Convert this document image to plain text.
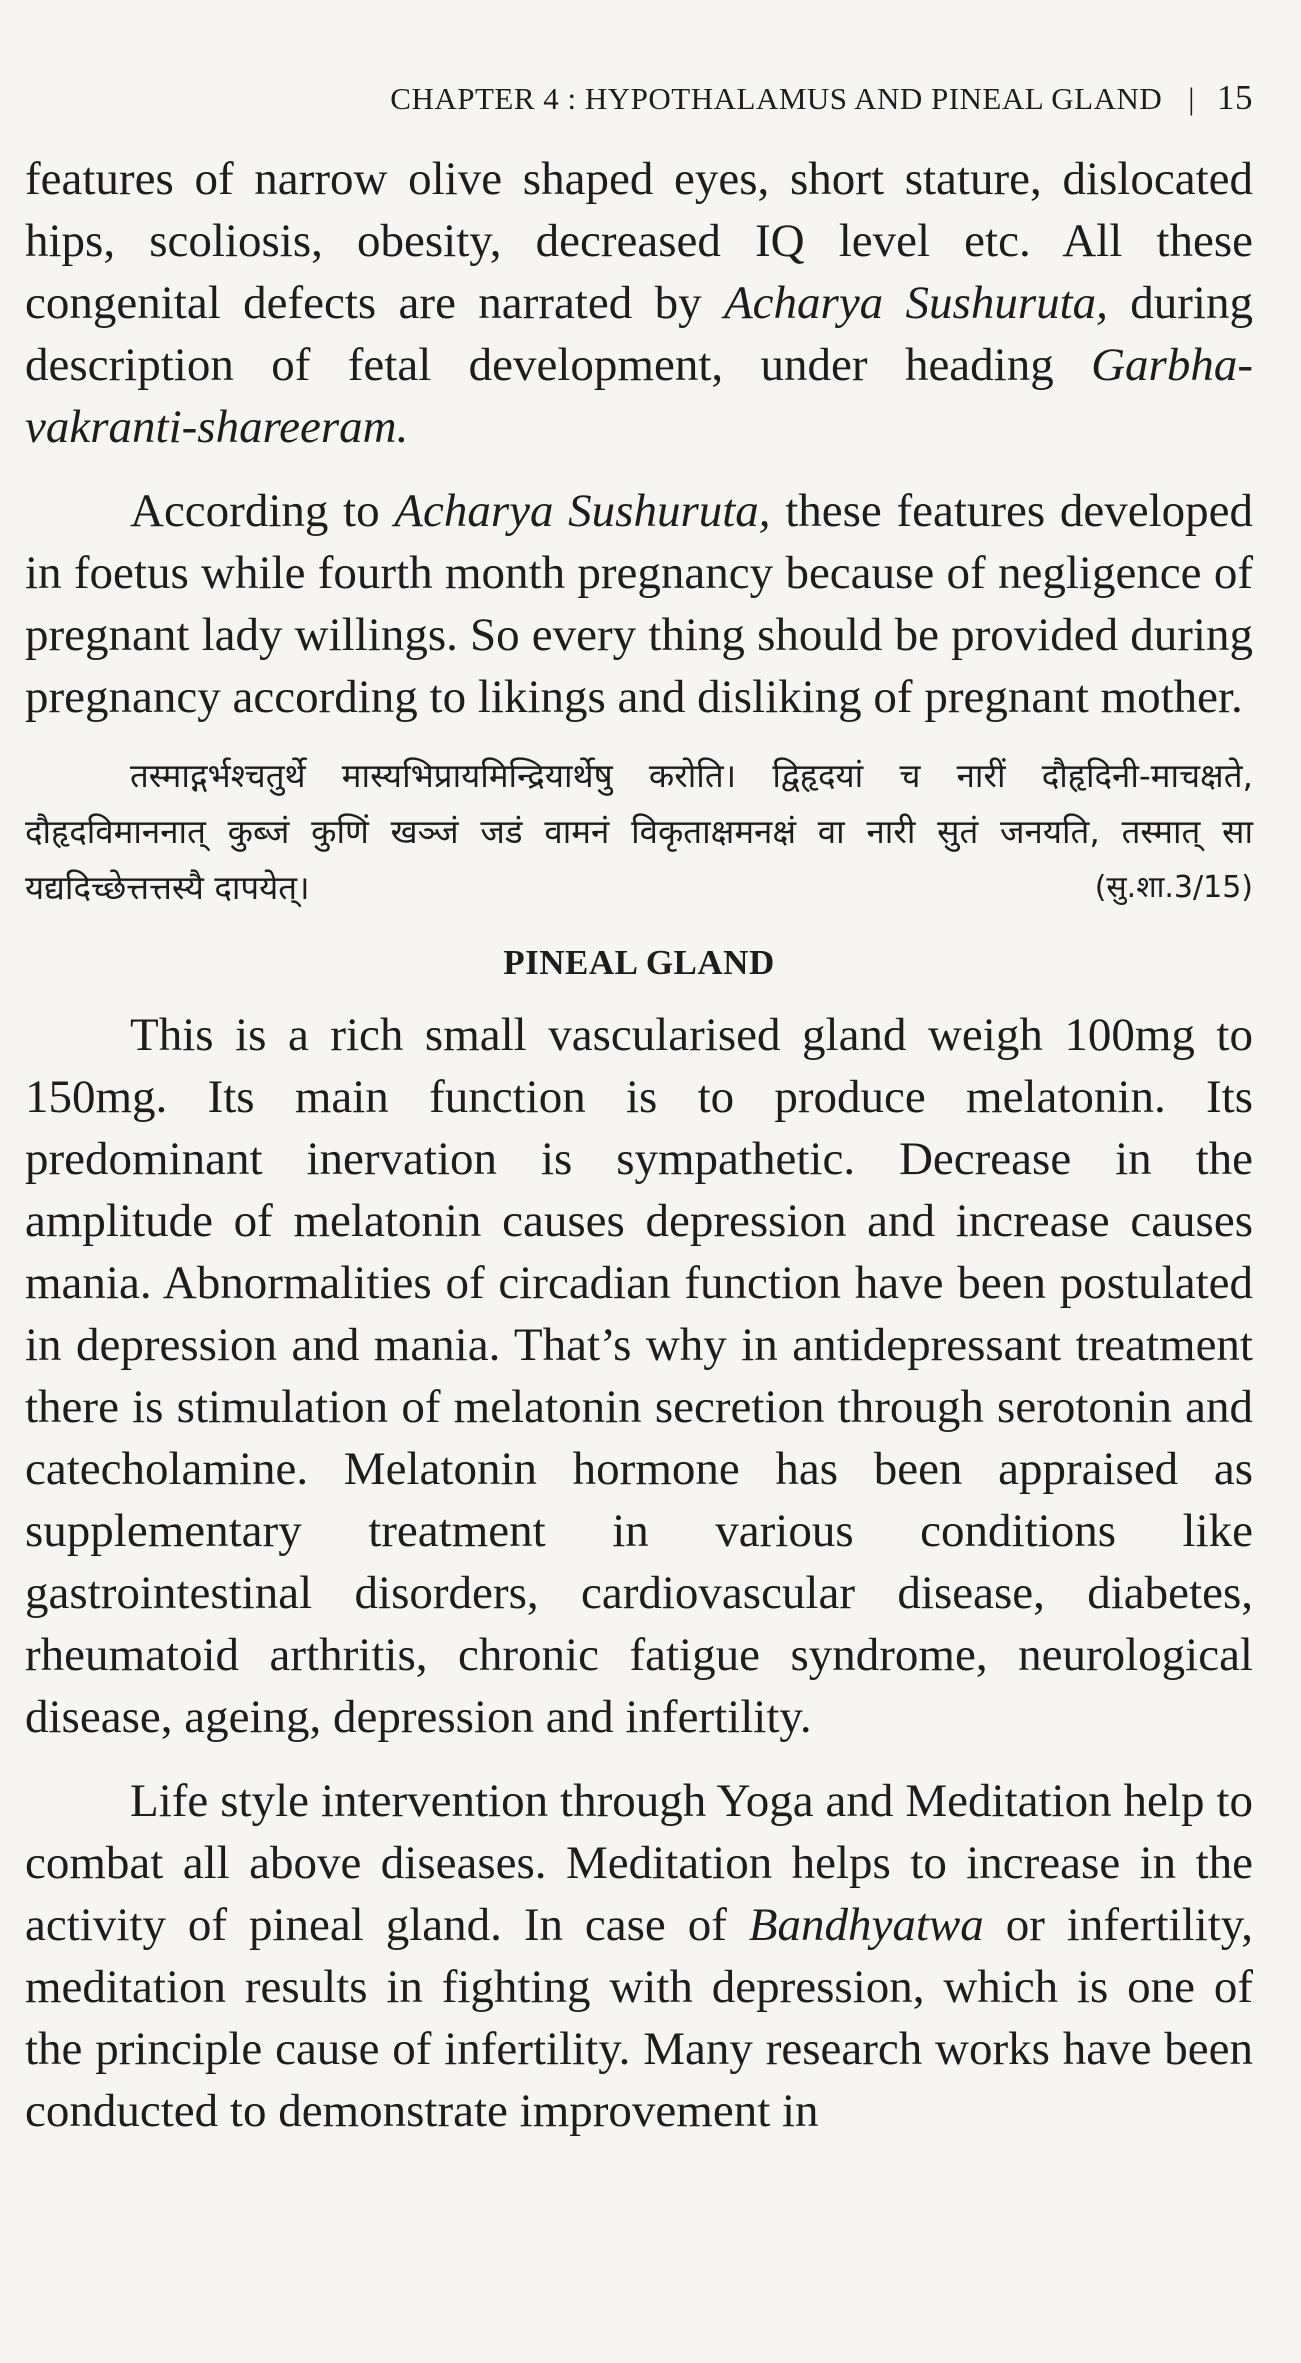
CHAPTER 4 : HYPOTHALAMUS AND PINEAL GLAND | 15

features of narrow olive shaped eyes, short stature, dislocated hips, scoliosis, obesity, decreased IQ level etc. All these congenital defects are narrated by Acharya Sushuruta, during description of fetal development, under heading Garbha-vakranti-shareeram.

According to Acharya Sushuruta, these features developed in foetus while fourth month pregnancy because of negligence of pregnant lady willings. So every thing should be provided during pregnancy according to likings and disliking of pregnant mother.

तस्माद्गर्भश्चतुर्थे मास्यभिप्रायमिन्द्रियार्थेषु करोति। द्विहृदयां च नारीं दौहृदिनी-माचक्षते, दौहृदविमाननात् कुब्जं कुणिं खञ्जं जडं वामनं विकृताक्षमनक्षं वा नारी सुतं जनयति, तस्मात् सा यद्यदिच्छेत्तत्तस्यै दापयेत्।	(सु.शा.3/15)

PINEAL GLAND

This is a rich small vascularised gland weigh 100mg to 150mg. Its main function is to produce melatonin. Its predominant inervation is sympathetic. Decrease in the amplitude of melatonin causes depression and increase causes mania. Abnormalities of circadian function have been postulated in depression and mania. That’s why in antidepressant treatment there is stimulation of melatonin secretion through serotonin and catecholamine. Melatonin hormone has been appraised as supplementary treatment in various conditions like gastrointestinal disorders, cardiovascular disease, diabetes, rheumatoid arthritis, chronic fatigue syndrome, neurological disease, ageing, depression and infertility.

Life style intervention through Yoga and Meditation help to combat all above diseases. Meditation helps to increase in the activity of pineal gland. In case of Bandhyatwa or infertility, meditation results in fighting with depression, which is one of the principle cause of infertility. Many research works have been conducted to demonstrate improvement in
